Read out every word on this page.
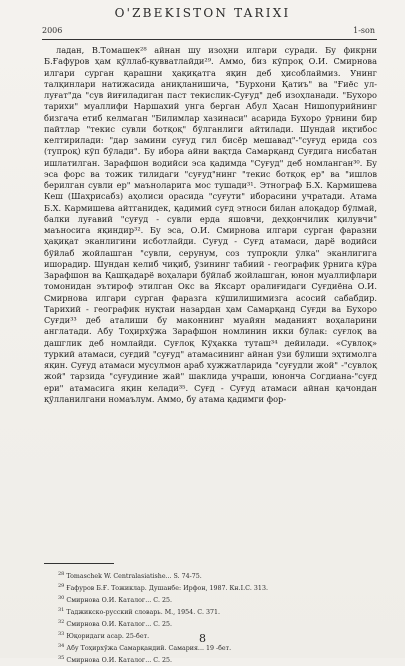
O'ZBEKISTON TARIXI
2006	1-son

ладан, В.Томашек²⁸ айнан шу изоҳни илгари суради. Бу фикрни Б.Ғафуров ҳам қўллаб-қувватлайди²⁹. Аммо, биз кўпроқ О.И. Смирнова илгари сурган қарашни ҳақиқатга яқин деб ҳисоблаймиз. Унинг талқинлари натижасида аниқланишича, "Бурхони Қатиъ" ва "Ғиёс ул-луғат"да "сув йиғиладиган паст текислик-Суғуд" деб изоҳланади. "Бухоро тарихи" муаллифи Наршахий унга берган Абул Ҳасан Нишопурийнинг бизгача етиб келмаган "Билимлар хазинаси" асарида Бухоро ўрнини бир пайтлар "текис сувли ботқоқ" бўлганлиги айтилади. Шундай иқтибос келтирилади: "дар замини суғуд гил бисёр мешавад"-"суғуд ерида соз (тупроқ) кўп бўлади". Бу ибора айни вақтда Самарқанд Суғдига нисбатан ишлатилган. Зарафшон водийси эса қадимда "Суғуд" деб номланган³⁰. Бу эса форс ва тожик тилидаги "суғуд"нинг "текис ботқоқ ер" ва "ишлов берилган сувли ер" маъноларига мос тушади³¹. Этнограф Б.Х. Кармишева Кеш (Шаҳрисабз) аҳолиси орасида "суғути" ибораcини учратади. Атама Б.Х. Кармишева айтганидек, қадимий суғд этноси билан алоқадор бўлмай, балки луғавий "суғуд - сувли ерда яшовчи, деҳқончилик қилувчи" маъносига яқиндир³². Бу эса, О.И. Смирнова илгари сурган фаразни ҳақиқат эканлигини исботлайди. Суғуд - Суғд атамаси, дарё водийси бўйлаб жойлашган "сувли, серунум, соз тупроқли ўлка" эканлигига ишорадир. Шундан келиб чиқиб, ўзининг табиий - географик ўрнига кўра Зарафшон ва Қашқадарё воҳалари бўйлаб жойлашган, юнон муаллифлари томонидан эътироф этилган Окс ва Яксарт оралиғидаги Суғдиёна О.И. Смирнова илгари сурган фаразга кўшилишимизга асосий сабабдир. Тарихий - географик нуқтаи назардан ҳам Самарқанд Суғди ва Бухоро Суғди³³ деб аталиши бу маконнинг муайян маданият воҳаларини англатади. Абу Тоҳирхўжа Зарафшон номлинин икки бўлак: суғлоқ ва дашглик деб номлайди. Суғлоқ Кўҳакка туташ³⁴ дейилади. «Сувлоқ» туркий атамаси, суғдий "суғуд" атамасининг айнан ўзи бўлиши эҳтимолга яқин. Суғуд атамаси мусулмон араб хужжатларида "суғудли жой" -"сувлоқ жой" тарзида "суғудиние жай" шаклида учраши, юнонча Согдиана-"суғд ери" атамасига яқин келади³⁵. Суғд - Суғуд атамаси айнан қачондан қўлланилгани номаълум. Аммо, бу атама қадимги фор-

$^{28}$ Tomaschek W. Centralasiatishe... S. 74-75.
$^{29}$ Ғафуров Б.Ғ. Тожиклар. Душанбе: Ирфон, 1987. Кн.I.С. 313.
$^{30}$ Смирнова О.И. Каталог... С. 25.
$^{31}$ Таджикско-русский словарь. М., 1954. С. 371.
$^{32}$ Смирнова О.И. Каталог... С. 25.
$^{33}$ Юқоридаги асар. 25-бет.
$^{34}$ Абу Тоҳирхўжа Самарқандий. Самария... 19 -бет.
$^{35}$ Смирнова О.И. Каталог... С. 25.
8
